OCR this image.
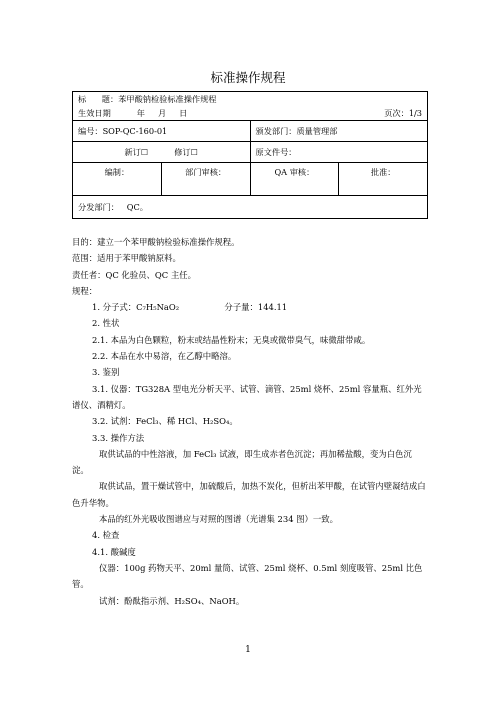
标准操作规程
标      题：苯甲酸钠检验标准操作规程
生效日期          年     月     日 页次：1/3			

编号：SOP-QC-160-01		颁发部门：质量管理部	
新订☐          修订☐		原文件号：	
编制：	部门审核：	QA 审核：	批准：
分发部门：   QC。			

目的：建立一个苯甲酸钠检验标准操作规程。

范围：适用于苯甲酸钠原料。

责任者：QC 化验员、QC 主任。

规程：

1. 分子式：C₇H₅NaO₂                 分子量：144.11

2. 性状

2.1. 本品为白色颗粒，粉末或结晶性粉末；无臭或微带臭气，味微甜带咸。

2.2. 本品在水中易溶，在乙醇中略溶。

3. 鉴别

3.1. 仪器：TG328A 型电光分析天平、试管、滴管、25ml 烧杯、25ml 容量瓶、红外光谱仪、酒精灯。

3.2. 试剂：FeCl₃、稀 HCl、H₂SO₄。

3.3. 操作方法

取供试品的中性溶液，加 FeCl₃ 试液，即生成赤者色沉淀；再加稀盐酸，变为白色沉淀。

取供试品，置干燥试管中，加硫酸后，加热不炭化，但析出苯甲酸，在试管内壁凝结成白色升华物。

本品的红外光吸收图谱应与对照的图谱（光谱集 234 图）一致。

4. 检查

4.1. 酸碱度

仪器：100g 药物天平、20ml 量筒、试管、25ml 烧杯、0.5ml 刻度吸管、25ml 比色管。

试剂：酚酞指示剂、H₂SO₄、NaOH。

1
